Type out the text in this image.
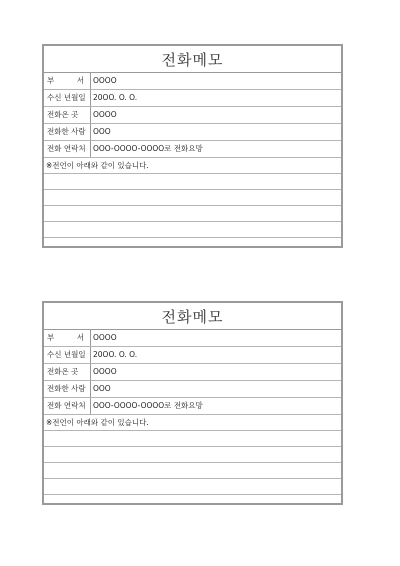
전화메모
부	서 OOOO
수신 년월일 20OO. O. O.
전화온 곳	OOOO
전화한 사람 OOO
전화 연락처 OOO-OOOO-OOOO로 전화요망
※전언이 아래와 같이 있습니다.
전화메모
부	서 OOOO
수신 년월일 20OO. O. O.
전화온 곳	OOOO
전화한 사람 OOO
전화 연락처 OOO-OOOO-OOOO로 전화요망
※전언이 아래와 같이 있습니다.
